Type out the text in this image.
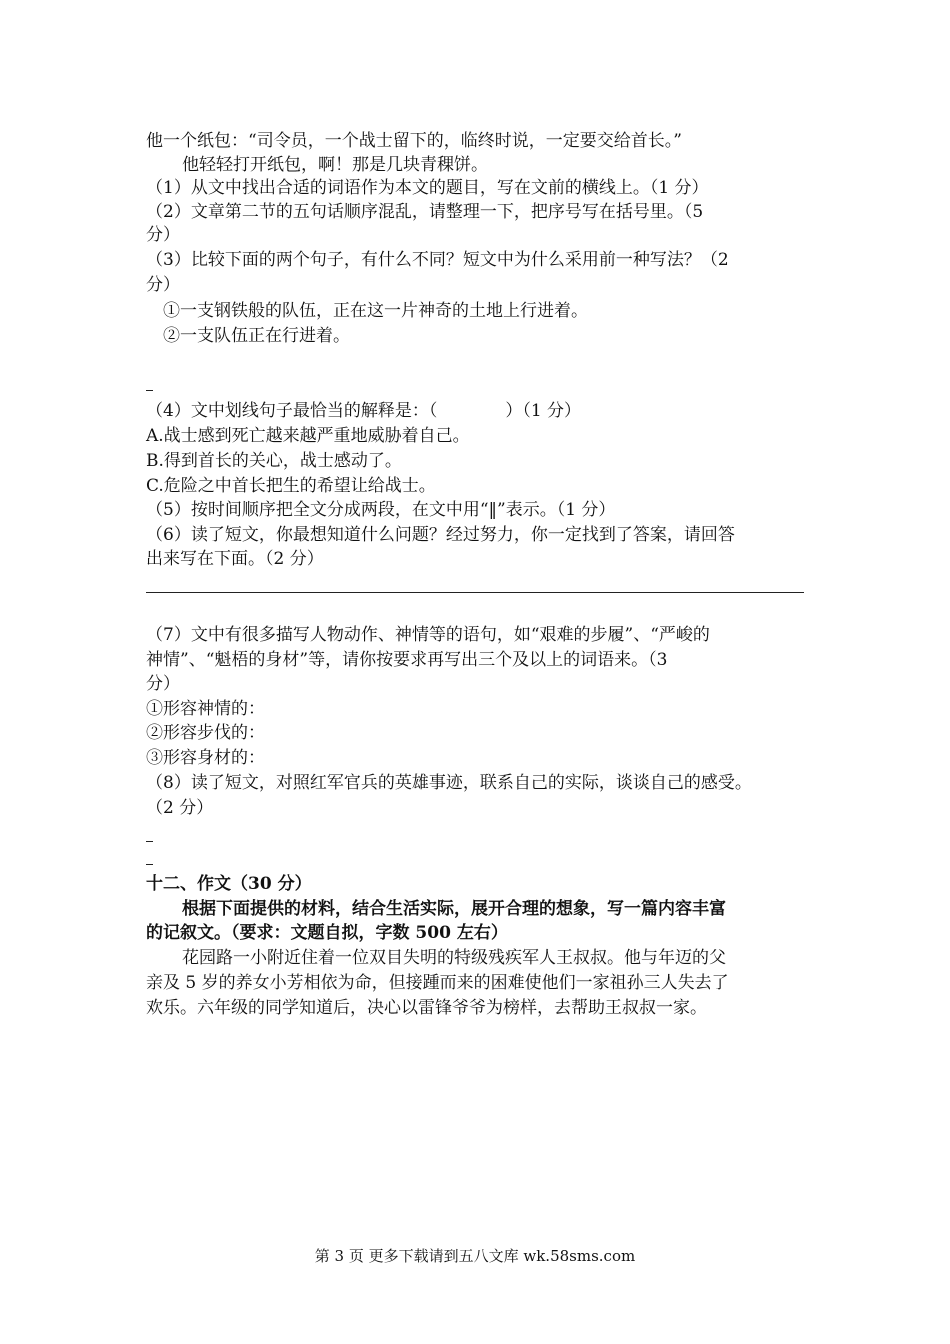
他一个纸包：“司令员，一个战士留下的，临终时说，一定要交给首长。”
他轻轻打开纸包，啊！那是几块青稞饼。
（1）从文中找出合适的词语作为本文的题目，写在文前的横线上。（1 分）
（2）文章第二节的五句话顺序混乱，请整理一下，把序号写在括号里。（5
分）
（3）比较下面的两个句子，有什么不同？短文中为什么采用前一种写法？（2
分）
①一支钢铁般的队伍，正在这一片神奇的土地上行进着。
②一支队伍正在行进着。
（4）文中划线句子最恰当的解释是：（　　　　）（1 分）
A.战士感到死亡越来越严重地威胁着自己。
B.得到首长的关心，战士感动了。
C.危险之中首长把生的希望让给战士。
（5）按时间顺序把全文分成两段，在文中用“‖”表示。（1 分）
（6）读了短文，你最想知道什么问题？经过努力，你一定找到了答案，请回答
出来写在下面。（2 分）
（7）文中有很多描写人物动作、神情等的语句，如“艰难的步履”、“严峻的
神情”、“魁梧的身材”等，请你按要求再写出三个及以上的词语来。（3
分）
①形容神情的：
②形容步伐的：
③形容身材的：
（8）读了短文，对照红军官兵的英雄事迹，联系自己的实际，谈谈自己的感受。
（2 分）
十二、作文（30 分）
根据下面提供的材料，结合生活实际，展开合理的想象，写一篇内容丰富
的记叙文。（要求：文题自拟，字数 500 左右）
花园路一小附近住着一位双目失明的特级残疾军人王叔叔。他与年迈的父
亲及 5 岁的养女小芳相依为命，但接踵而来的困难使他们一家祖孙三人失去了
欢乐。六年级的同学知道后，决心以雷锋爷爷为榜样，去帮助王叔叔一家。
第 3 页 更多下载请到五八文库 wk.58sms.com
